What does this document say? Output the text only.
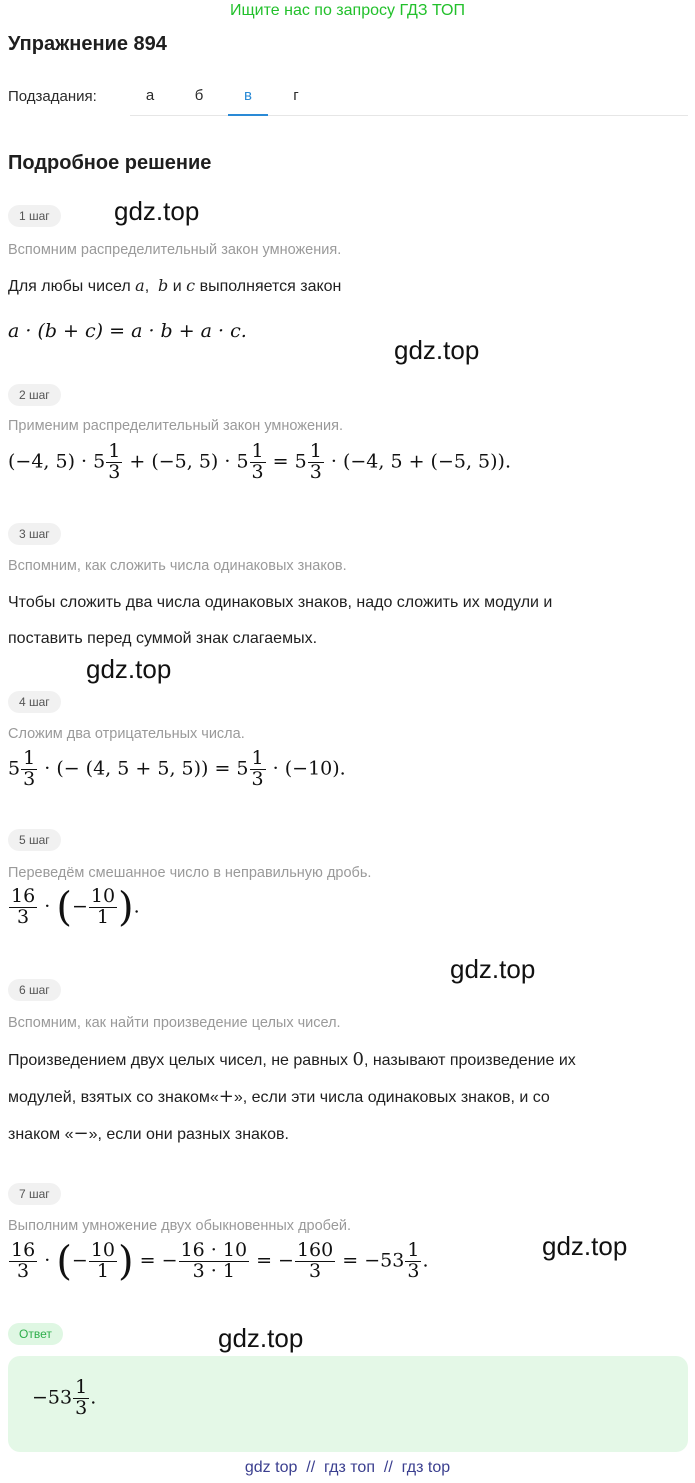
Ищите нас по запросу ГДЗ ТОП
Упражнение 894
Подзадания:	а	б	в	г
Подробное решение
1 шаг
Вспомним распределительный закон умножения.
Для любы чисел a,  b и c выполняется закон
a · (b + c) = a · b + a · c.
2 шаг
Применим распределительный закон умножения.
(−4, $5) \cdot 5 \frac{1}{3} + (-5$, $5) \cdot 5 \frac{1}{3} = 5 \frac{1}{3} \cdot (-4$, 5 + (−5, 5)).
3 шаг
Вспомним, как сложить числа одинаковых знаков.
Чтобы сложить два числа одинаковых знаков, надо сложить их модули и
поставить перед суммой знак слагаемых.
4 шаг
Сложим два отрицательных числа.
$5 \frac{1}{3}$ · (− (4, 5 + 5, $5)) = 5 \frac{1}{3} \cdot (-10)$.
5 шаг
Переведём смешанное число в неправильную дробь.
$\frac{16}{3}$ · (− $\frac{10}{1}$ ).
6 шаг
Вспомним, как найти произведение целых чисел.
Произведением двух целых чисел, не равных 0, называют произведение их
модулей, взятых со знаком«+», если эти числа одинаковых знаков, и со
знаком «−», если они разных знаков.
7 шаг
Выполним умножение двух обыкновенных дробей.
$\frac{16}{3}$ · (− $\frac{10}{1}$ ) = − $\frac{16 \cdot 10}{3 \cdot 1}$ = − $\frac{160}{3} = -53 \frac{1}{3}$ .
Ответ
$-53 \frac{1}{3}$ .
gdz.top
gdz.top
gdz.top
gdz.top
gdz.top
gdz.top
gdz top  //  гдз топ  //  гдз top
